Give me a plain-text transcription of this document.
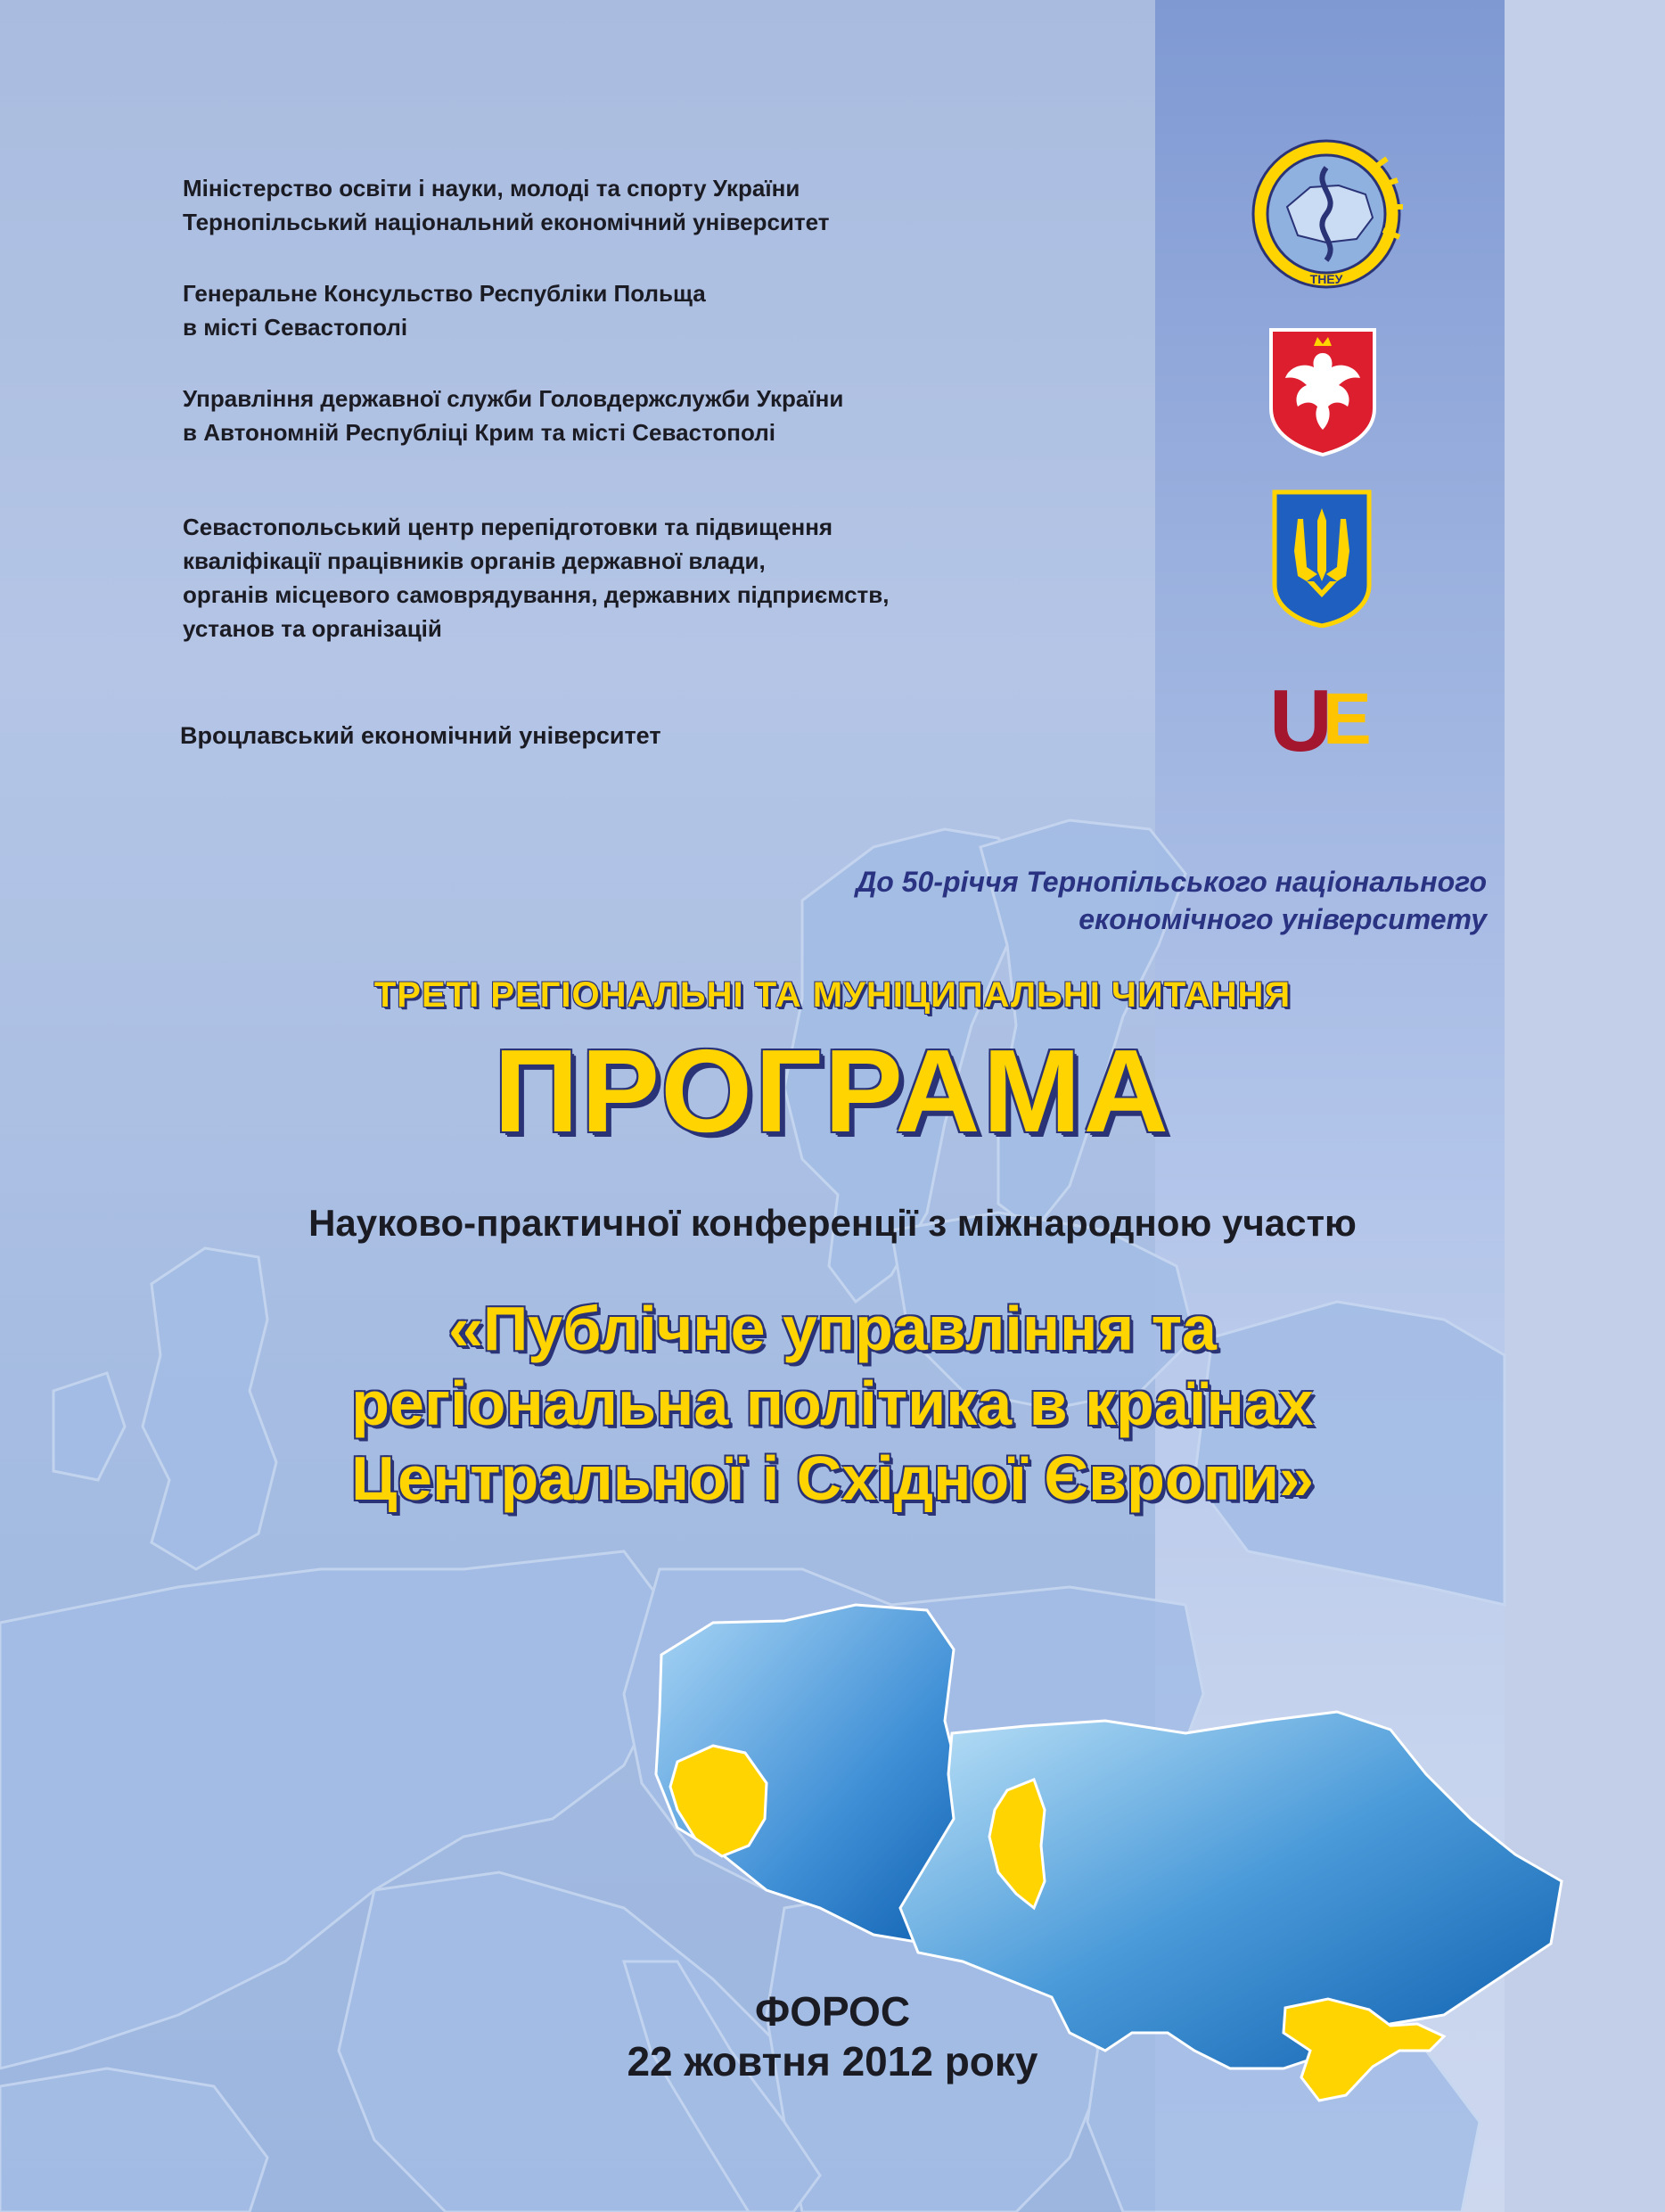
Міністерство освіти і науки, молоді та спорту України

Тернопільський національний економічний університет

Генеральне Консульство Республіки Польща

в місті Севастополі

Управління державної служби Головдержслужби України

в Автономній Республіці Крим та місті Севастополі

Севастопольський центр перепідготовки та підвищення

кваліфікації працівників органів державної влади,

органів місцевого самоврядування, державних підприємств,

установ та організацій

Вроцлавський економічний університет

ТНЕУ
U
E

До 50-річчя Тернопільського національного

економічного університету

ТРЕТІ РЕГІОНАЛЬНІ ТА МУНІЦИПАЛЬНІ ЧИТАННЯ
ПРОГРАМА
Науково-практичної конференції з міжнародною участю

«Публічне управління та

регіональна політика в країнах

Центральної і Східної Європи»

ФОРОС

22 жовтня 2012 року
